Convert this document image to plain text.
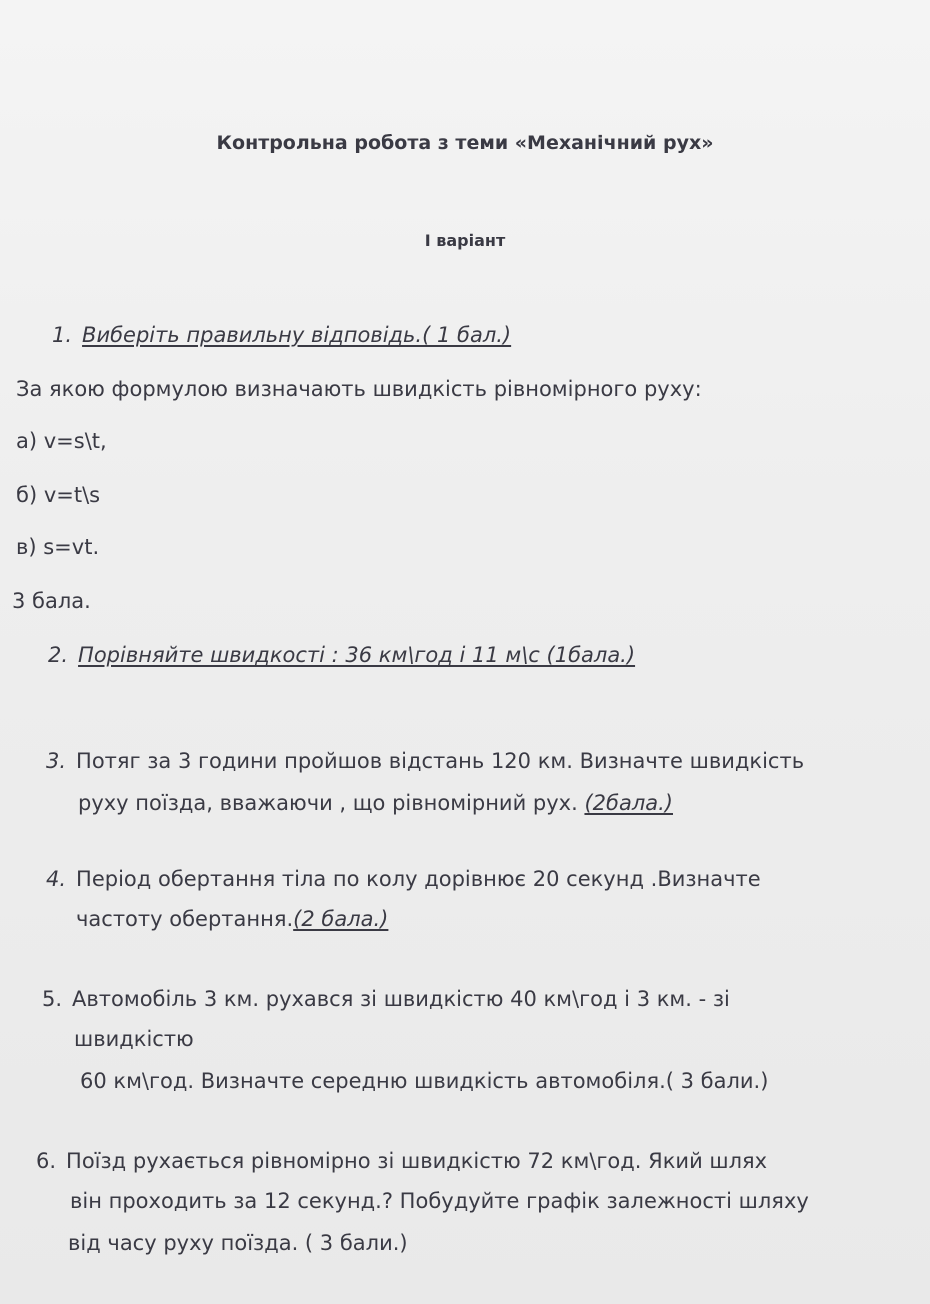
Контрольна робота з теми «Механічний рух»

І варіант

1. Виберіть правильну відповідь.( 1 бал.)

За якою формулою визначають швидкість рівномірного руху:

а) v=s\t,

б) v=t\s

в) s=vt.

3 бала.

2. Порівняйте швидкості : 36 км\год і 11 м\с (1бала.)

3. Потяг за 3 години пройшов відстань 120 км. Визначте швидкість

руху поїзда, вважаючи , що рівномірний рух. (2бала.)

4. Період обертання тіла по колу дорівнює 20 секунд .Визначте

частоту обертання.(2 бала.)

5. Автомобіль 3 км. рухався зі швидкістю 40 км\год і 3 км. - зі

швидкістю

60 км\год. Визначте середню швидкість автомобіля.( 3 бали.)

6. Поїзд рухається рівномірно зі швидкістю 72 км\год. Який шлях

він проходить за 12 секунд.? Побудуйте графік залежності шляху

від часу руху поїзда. ( 3 бали.)
